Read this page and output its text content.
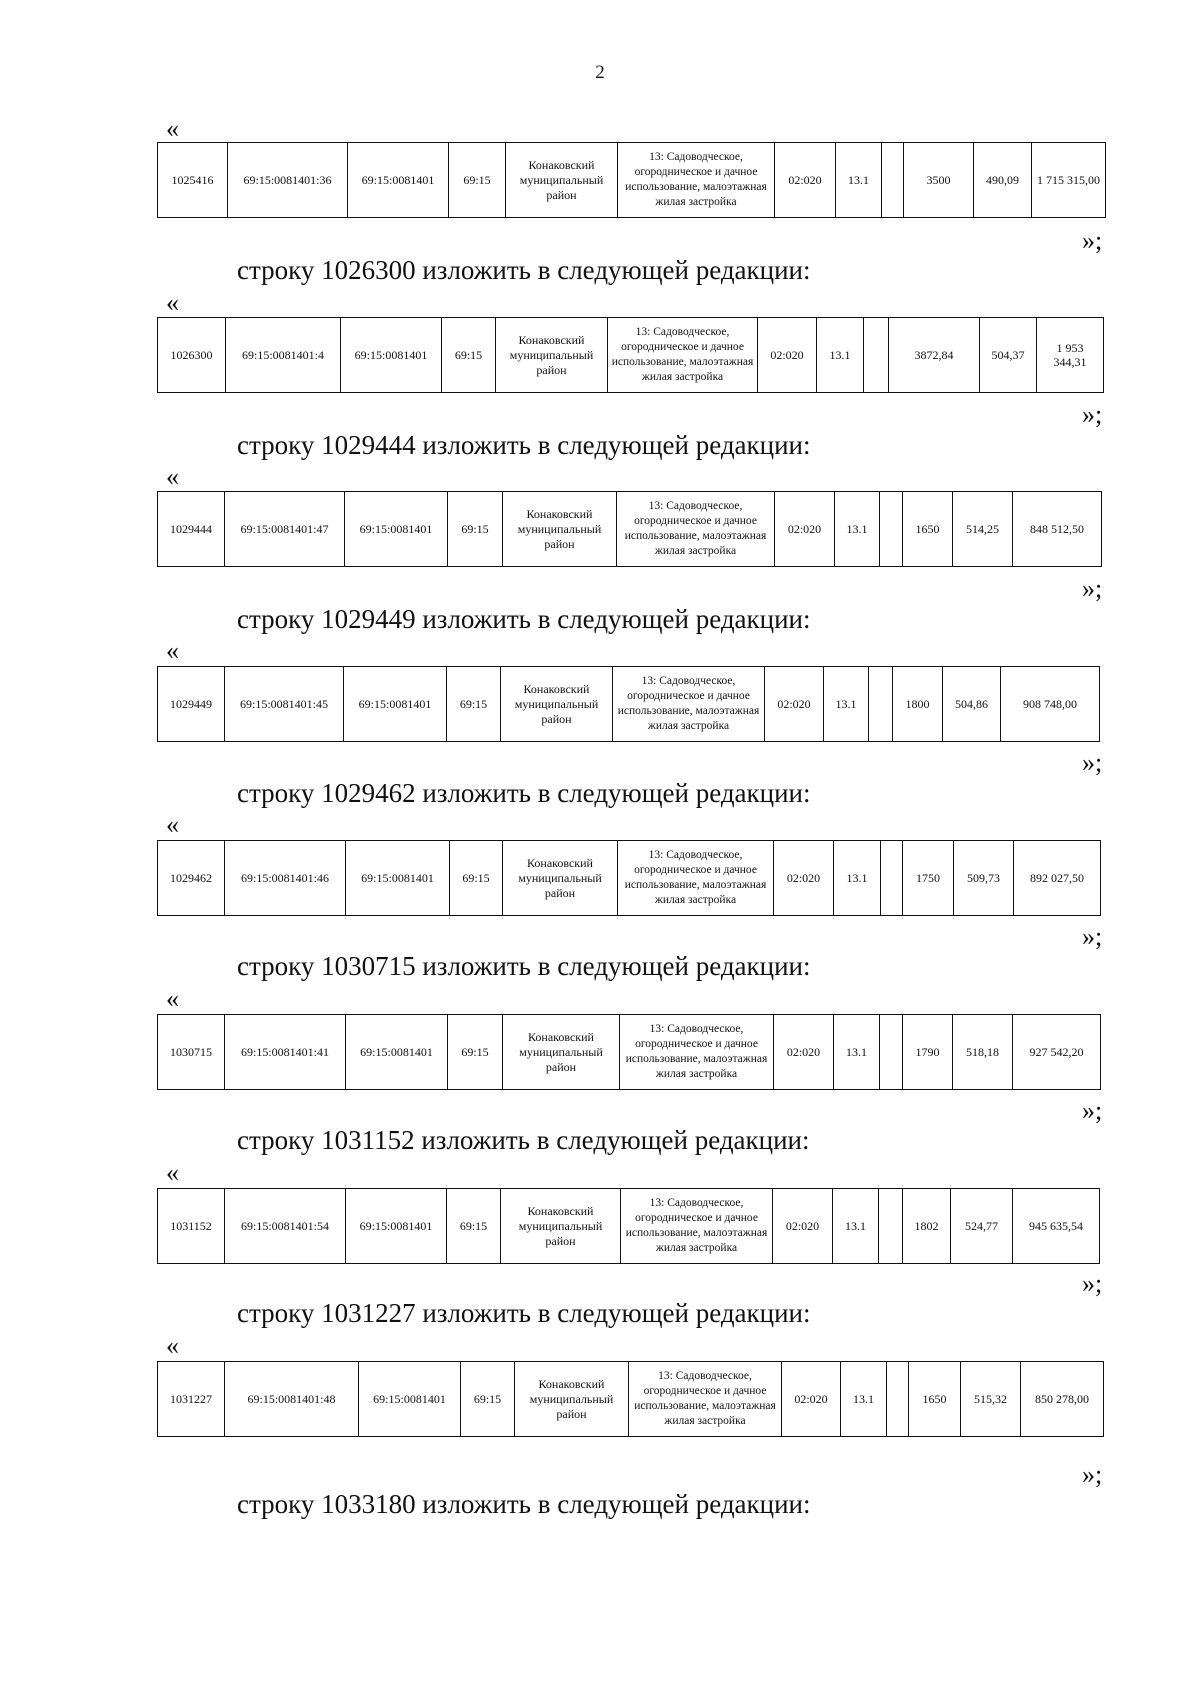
2
«
1025416	69:15:0081401:36	69:15:0081401	69:15	Конаковский муниципальный район	13: Садоводческое, огородническое и дачное использование, малоэтажная жилая застройка	02:020	13.1		3500	490,09	1 715 315,00
»;
строку 1026300 изложить в следующей редакции:
«
1026300	69:15:0081401:4	69:15:0081401	69:15	Конаковский муниципальный район	13: Садоводческое, огородническое и дачное использование, малоэтажная жилая застройка	02:020	13.1		3872,84	504,37	1 953 344,31
»;
строку 1029444 изложить в следующей редакции:
«
1029444	69:15:0081401:47	69:15:0081401	69:15	Конаковский муниципальный район	13: Садоводческое, огородническое и дачное использование, малоэтажная жилая застройка	02:020	13.1		1650	514,25	848 512,50
»;
строку 1029449 изложить в следующей редакции:
«
1029449	69:15:0081401:45	69:15:0081401	69:15	Конаковский муниципальный район	13: Садоводческое, огородническое и дачное использование, малоэтажная жилая застройка	02:020	13.1		1800	504,86	908 748,00
»;
строку 1029462 изложить в следующей редакции:
«
1029462	69:15:0081401:46	69:15:0081401	69:15	Конаковский муниципальный район	13: Садоводческое, огородническое и дачное использование, малоэтажная жилая застройка	02:020	13.1		1750	509,73	892 027,50
»;
строку 1030715 изложить в следующей редакции:
«
1030715	69:15:0081401:41	69:15:0081401	69:15	Конаковский муниципальный район	13: Садоводческое, огородническое и дачное использование, малоэтажная жилая застройка	02:020	13.1		1790	518,18	927 542,20
»;
строку 1031152 изложить в следующей редакции:
«
1031152	69:15:0081401:54	69:15:0081401	69:15	Конаковский муниципальный район	13: Садоводческое, огородническое и дачное использование, малоэтажная жилая застройка	02:020	13.1		1802	524,77	945 635,54
»;
строку 1031227 изложить в следующей редакции:
«
1031227	69:15:0081401:48	69:15:0081401	69:15	Конаковский муниципальный район	13: Садоводческое, огородническое и дачное использование, малоэтажная жилая застройка	02:020	13.1		1650	515,32	850 278,00
»;
строку 1033180 изложить в следующей редакции:
